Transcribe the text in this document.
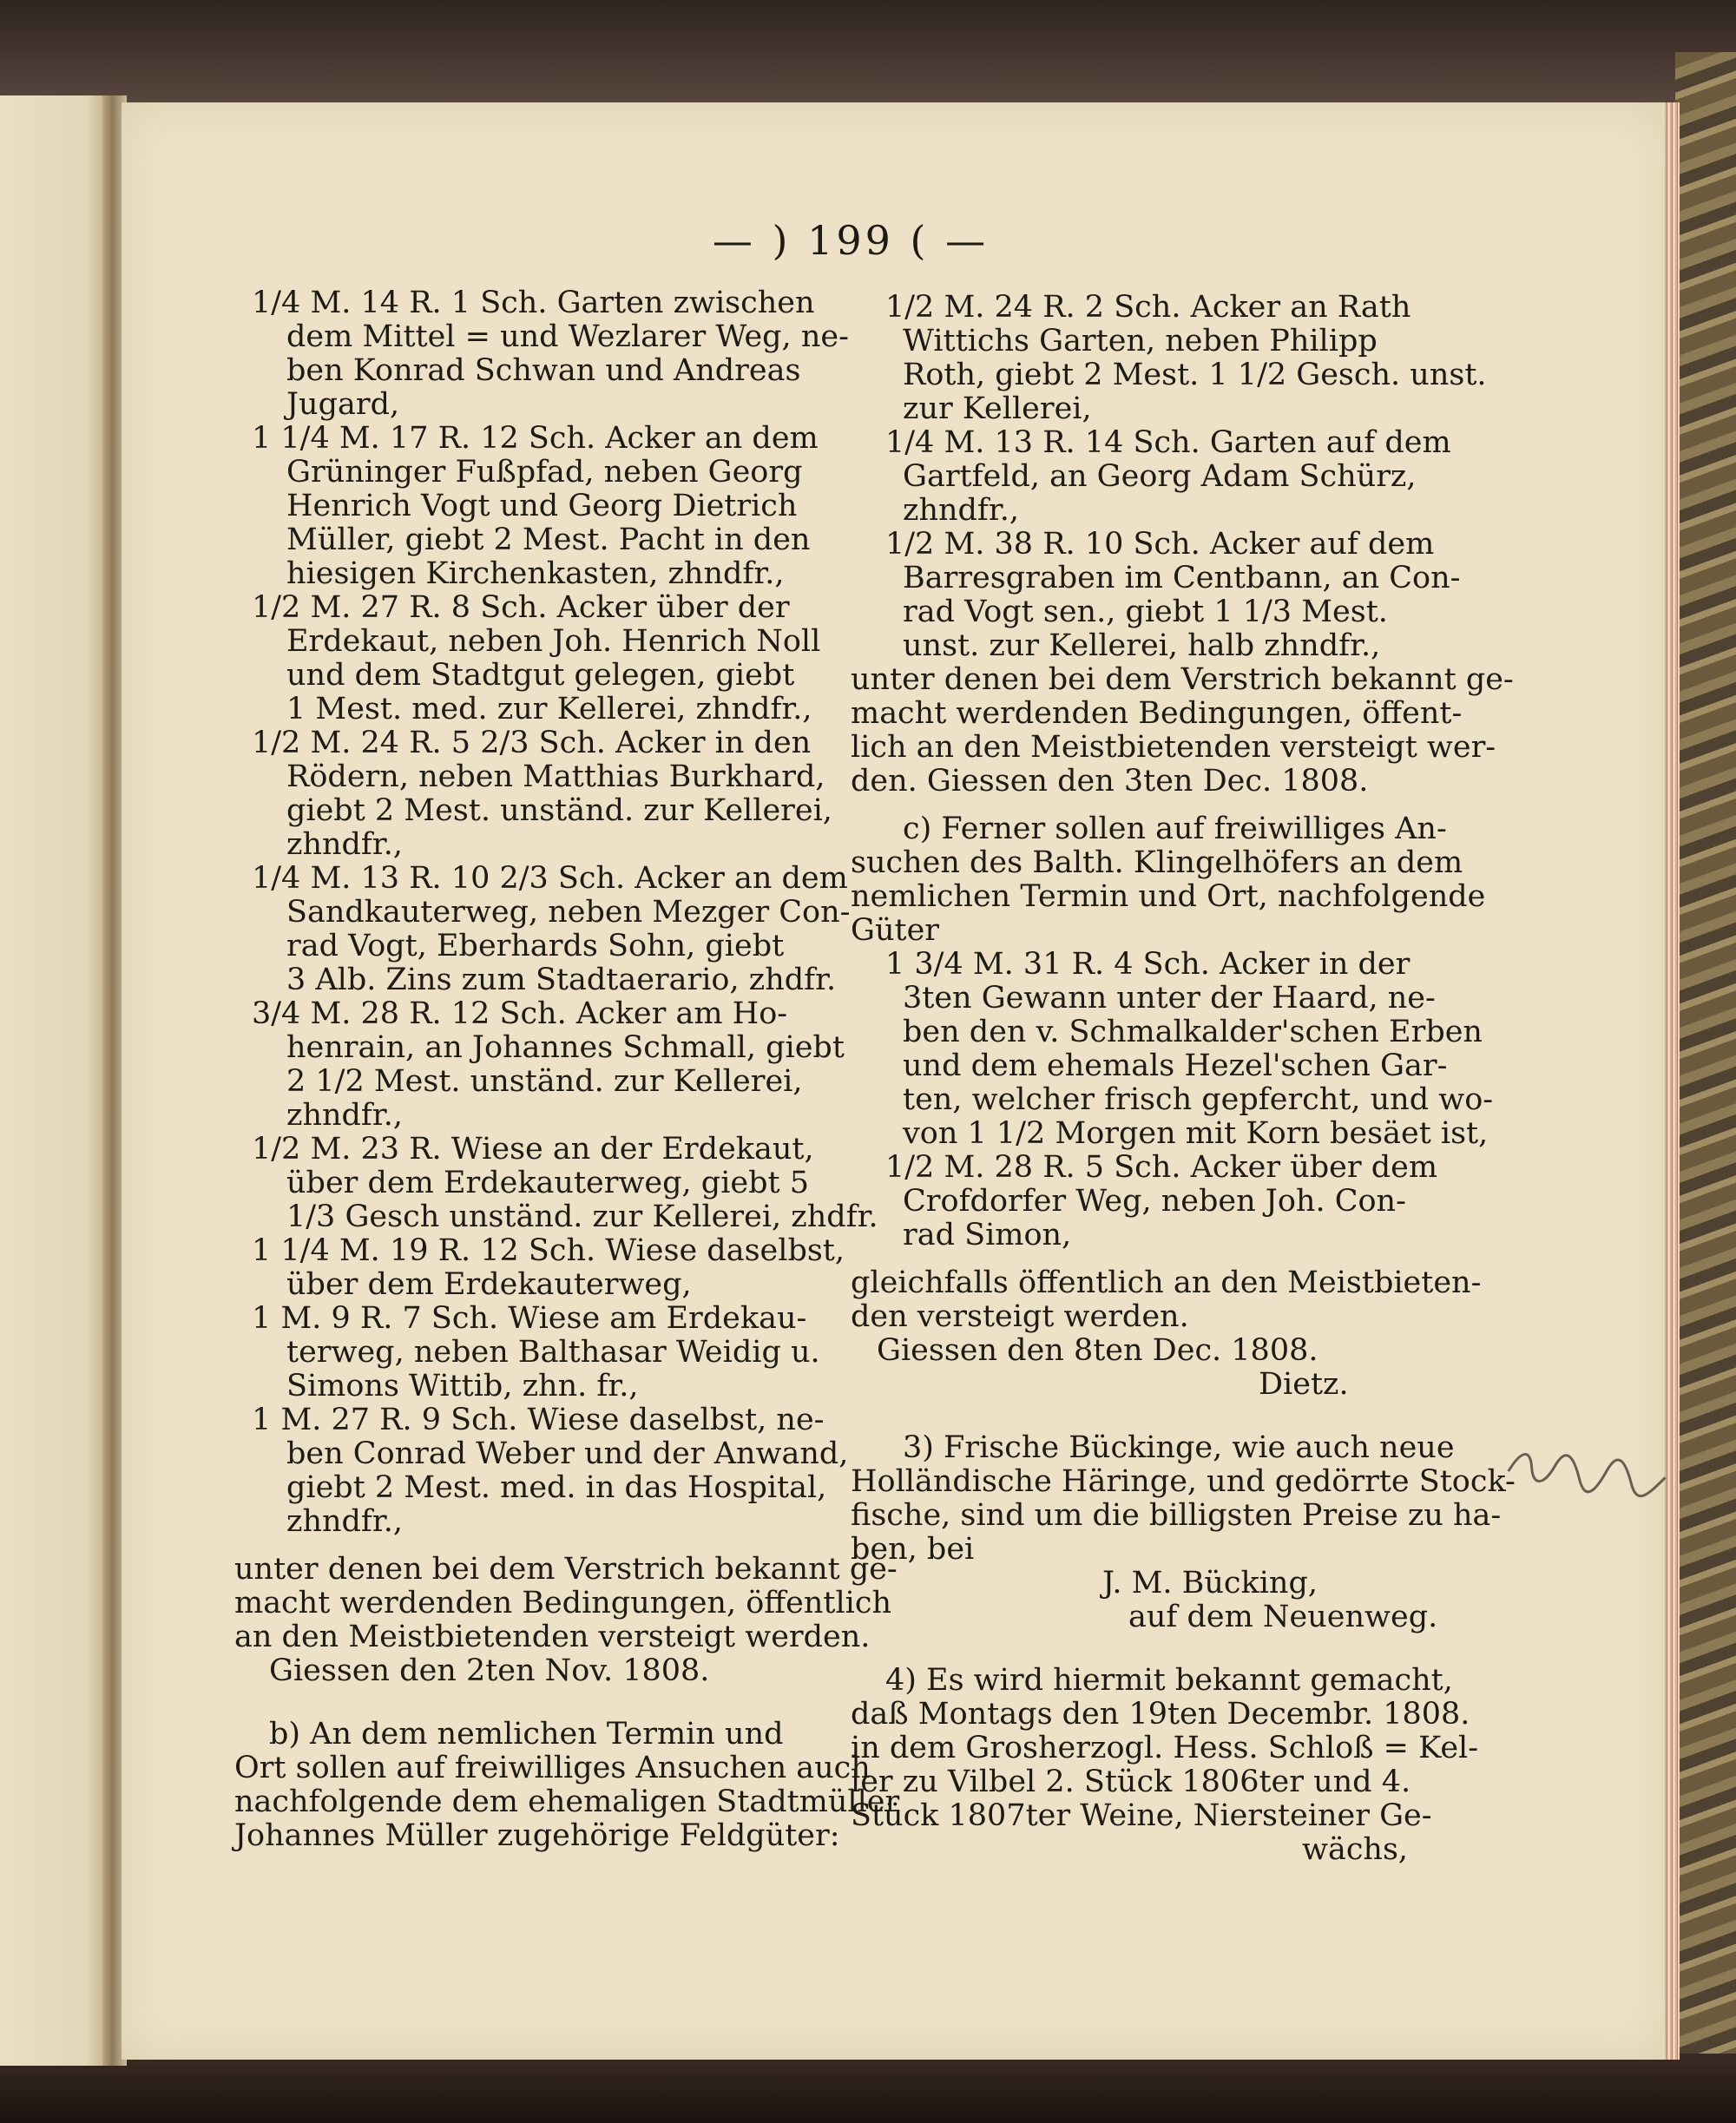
— ) 199 ( —
1/4 M. 14 R. 1 Sch. Garten zwischen
dem Mittel = und Wezlarer Weg, ne-
ben Konrad Schwan und Andreas
Jugard,
1 1/4 M. 17 R. 12 Sch. Acker an dem
Grüninger Fußpfad, neben Georg
Henrich Vogt und Georg Dietrich
Müller, giebt 2 Mest. Pacht in den
hiesigen Kirchenkasten, zhndfr.,
1/2 M. 27 R. 8 Sch. Acker über der
Erdekaut, neben Joh. Henrich Noll
und dem Stadtgut gelegen, giebt
1 Mest. med. zur Kellerei, zhndfr.,
1/2 M. 24 R. 5 2/3 Sch. Acker in den
Rödern, neben Matthias Burkhard,
giebt 2 Mest. unständ. zur Kellerei,
zhndfr.,
1/4 M. 13 R. 10 2/3 Sch. Acker an dem
Sandkauterweg, neben Mezger Con-
rad Vogt, Eberhards Sohn, giebt
3 Alb. Zins zum Stadtaerario, zhdfr.
3/4 M. 28 R. 12 Sch. Acker am Ho-
henrain, an Johannes Schmall, giebt
2 1/2 Mest. unständ. zur Kellerei,
zhndfr.,
1/2 M. 23 R. Wiese an der Erdekaut,
über dem Erdekauterweg, giebt 5
1/3 Gesch unständ. zur Kellerei, zhdfr.
1 1/4 M. 19 R. 12 Sch. Wiese daselbst,
über dem Erdekauterweg,
1 M. 9 R. 7 Sch. Wiese am Erdekau-
terweg, neben Balthasar Weidig u.
Simons Wittib, zhn. fr.,
1 M. 27 R. 9 Sch. Wiese daselbst, ne-
ben Conrad Weber und der Anwand,
giebt 2 Mest. med. in das Hospital,
zhndfr.,
unter denen bei dem Verstrich bekannt ge-
macht werdenden Bedingungen, öffentlich
an den Meistbietenden versteigt werden.
Giessen den 2ten Nov. 1808.
b) An dem nemlichen Termin und
Ort sollen auf freiwilliges Ansuchen auch
nachfolgende dem ehemaligen Stadtmüller
Johannes Müller zugehörige Feldgüter:
1/2 M. 24 R. 2 Sch. Acker an Rath
Wittichs Garten, neben Philipp
Roth, giebt 2 Mest. 1 1/2 Gesch. unst.
zur Kellerei,
1/4 M. 13 R. 14 Sch. Garten auf dem
Gartfeld, an Georg Adam Schürz,
zhndfr.,
1/2 M. 38 R. 10 Sch. Acker auf dem
Barresgraben im Centbann, an Con-
rad Vogt sen., giebt 1 1/3 Mest.
unst. zur Kellerei, halb zhndfr.,
unter denen bei dem Verstrich bekannt ge-
macht werdenden Bedingungen, öffent-
lich an den Meistbietenden versteigt wer-
den. Giessen den 3ten Dec. 1808.
c) Ferner sollen auf freiwilliges An-
suchen des Balth. Klingelhöfers an dem
nemlichen Termin und Ort, nachfolgende
Güter
1 3/4 M. 31 R. 4 Sch. Acker in der
3ten Gewann unter der Haard, ne-
ben den v. Schmalkalder'schen Erben
und dem ehemals Hezel'schen Gar-
ten, welcher frisch gepfercht, und wo-
von 1 1/2 Morgen mit Korn besäet ist,
1/2 M. 28 R. 5 Sch. Acker über dem
Crofdorfer Weg, neben Joh. Con-
rad Simon,
gleichfalls öffentlich an den Meistbieten-
den versteigt werden.
Giessen den 8ten Dec. 1808.
Dietz.
3) Frische Bückinge, wie auch neue
Holländische Häringe, und gedörrte Stock-
fische, sind um die billigsten Preise zu ha-
ben, bei
J. M. Bücking,
auf dem Neuenweg.
4) Es wird hiermit bekannt gemacht,
daß Montags den 19ten Decembr. 1808.
in dem Grosherzogl. Hess. Schloß = Kel-
ler zu Vilbel 2. Stück 1806ter und 4.
Stück 1807ter Weine, Niersteiner Ge-
wächs,
